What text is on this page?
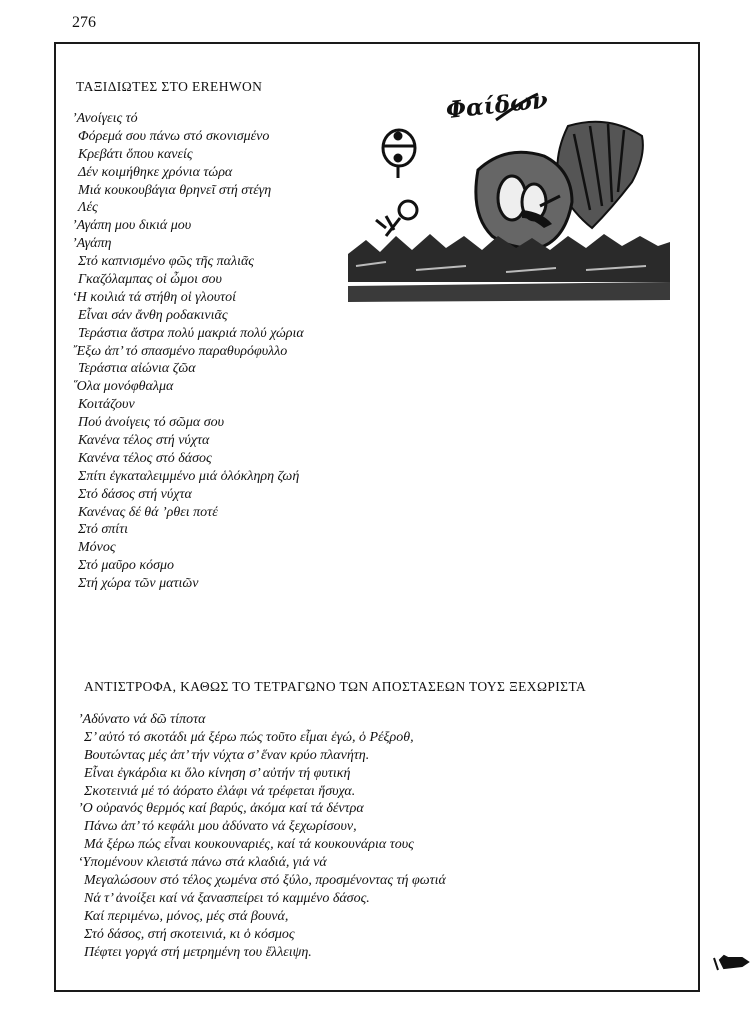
276
ΤΑΞΙΔΙΩΤΕΣ ΣΤΟ EREHWON
’Ανοίγεις τό
Φόρεμά σου πάνω στό σκονισμένο
Κρεβάτι ὅπου κανείς
Δέν κοιμήθηκε χρόνια τώρα
Μιά κουκουβάγια θρηνεῖ στή στέγη
Λές
’Αγάπη μου δικιά μου
’Αγάπη
Στό καπνισμένο φῶς τῆς παλιᾶς
Γκαζόλαμπας οἱ ὦμοι σου
‘Η κοιλιά τά στήθη οἱ γλουτοί
Εἶναι σάν ἄνθη ροδακινιᾶς
Τεράστια ἄστρα πολύ μακριά πολύ χώρια
῎Εξω ἀπ’ τό σπασμένο παραθυρόφυλλο
Τεράστια αἰώνια ζῶα
῞Ολα μονόφθαλμα
Κοιτάζουν
Πού ἀνοίγεις τό σῶμα σου
Κανένα τέλος στή νύχτα
Κανένα τέλος στό δάσος
Σπίτι ἐγκαταλειμμένο μιά ὁλόκληρη ζωή
Στό δάσος στή νύχτα
Κανένας δέ θά ’ρθει ποτέ
Στό σπίτι
Μόνος
Στό μαῦρο κόσμο
Στή χώρα τῶν ματιῶν
Φαίδων
ΑΝΤΙΣΤΡΟΦΑ, ΚΑΘΩΣ ΤΟ ΤΕΤΡΑΓΩΝΟ ΤΩΝ ΑΠΟΣΤΑΣΕΩΝ ΤΟΥΣ ΞΕΧΩΡΙΣΤΑ
’Αδύνατο νά δῶ τίποτα
Σ’ αὐτό τό σκοτάδι μά ξέρω πώς τοῦτο εἶμαι ἐγώ, ὁ Ρέξροθ,
Βουτώντας μές ἀπ’ τήν νύχτα σ’ ἕναν κρύο πλανήτη.
Εἶναι ἐγκάρδια κι ὅλο κίνηση σ’ αὐτήν τή φυτική
Σκοτεινιά μέ τό ἀόρατο ἐλάφι νά τρέφεται ἥσυχα.
’Ο οὐρανός θερμός καί βαρύς, ἀκόμα καί τά δέντρα
Πάνω ἀπ’ τό κεφάλι μου ἀδύνατο νά ξεχωρίσουν,
Μά ξέρω πώς εἶναι κουκουναριές, καί τά κουκουνάρια τους
‘Υπομένουν κλειστά πάνω στά κλαδιά, γιά νά
Μεγαλώσουν στό τέλος χωμένα στό ξύλο, προσμένοντας τή φωτιά
Νά τ’ ἀνοίξει καί νά ξανασπείρει τό καμμένο δάσος.
Καί περιμένω, μόνος, μές στά βουνά,
Στό δάσος, στή σκοτεινιά, κι ὁ κόσμος
Πέφτει γοργά στή μετρημένη του ἔλλειψη.
